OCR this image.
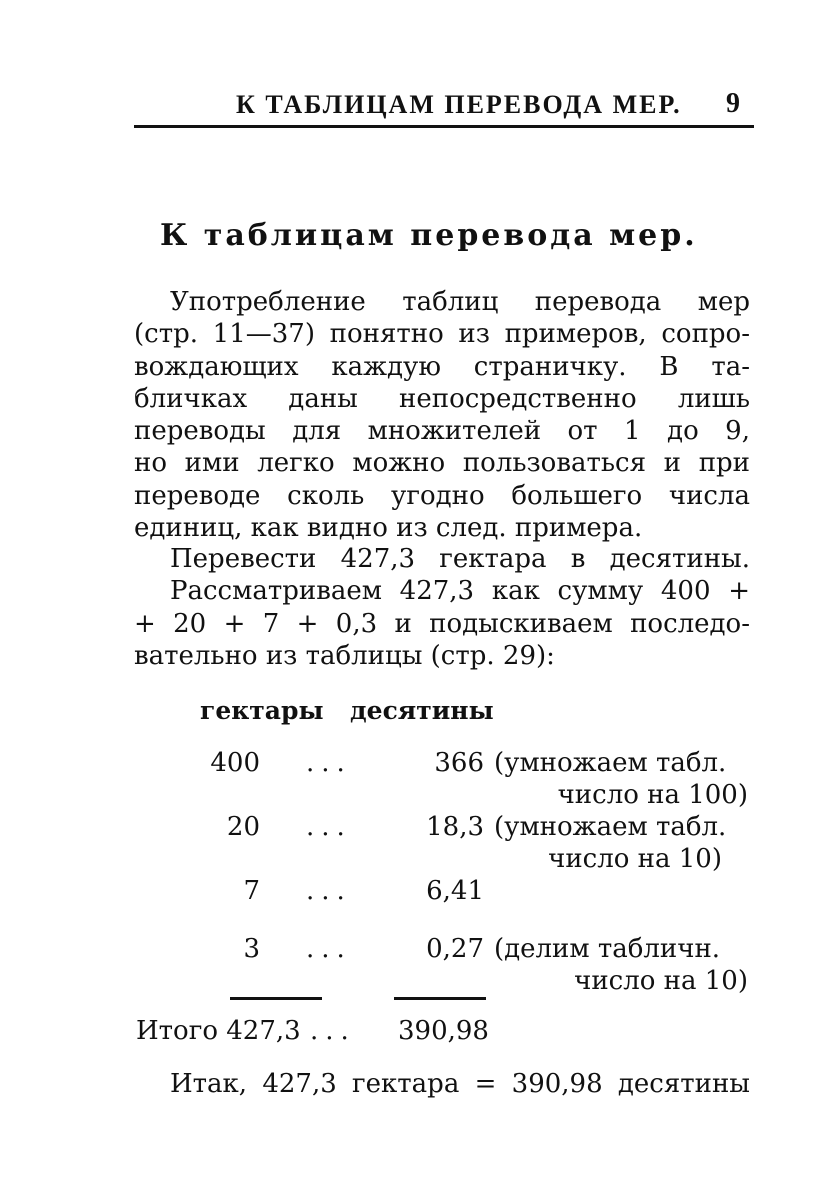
К ТАБЛИЦАМ ПЕРЕВОДА МЕР. 9
К таблицам перевода мер.
Употребление таблиц перевода мер
(стр. 11—37) понятно из примеров, сопро-
вождающих каждую страничку. В та-
бличках даны непосредственно лишь
переводы для множителей от 1 до 9,
но ими легко можно пользоваться и при
переводе сколь угодно большего числа
единиц, как видно из след. примера.
Перевести 427,3 гектара в десятины.
Рассматриваем 427,3 как сумму 400 +
+ 20 + 7 + 0,3 и подыскиваем последо-
вательно из таблицы (стр. 29):
гектары десятины
400 ...	366 (умножаем табл.
число на 100)
20 ...	18,3 (умножаем табл.
число на 10)
7 ...	6,41
3 ...	0,27 (делим табличн.
число на 10)
Итого 427,3 ... 390,98
Итак, 427,3 гектара = 390,98 десятины
